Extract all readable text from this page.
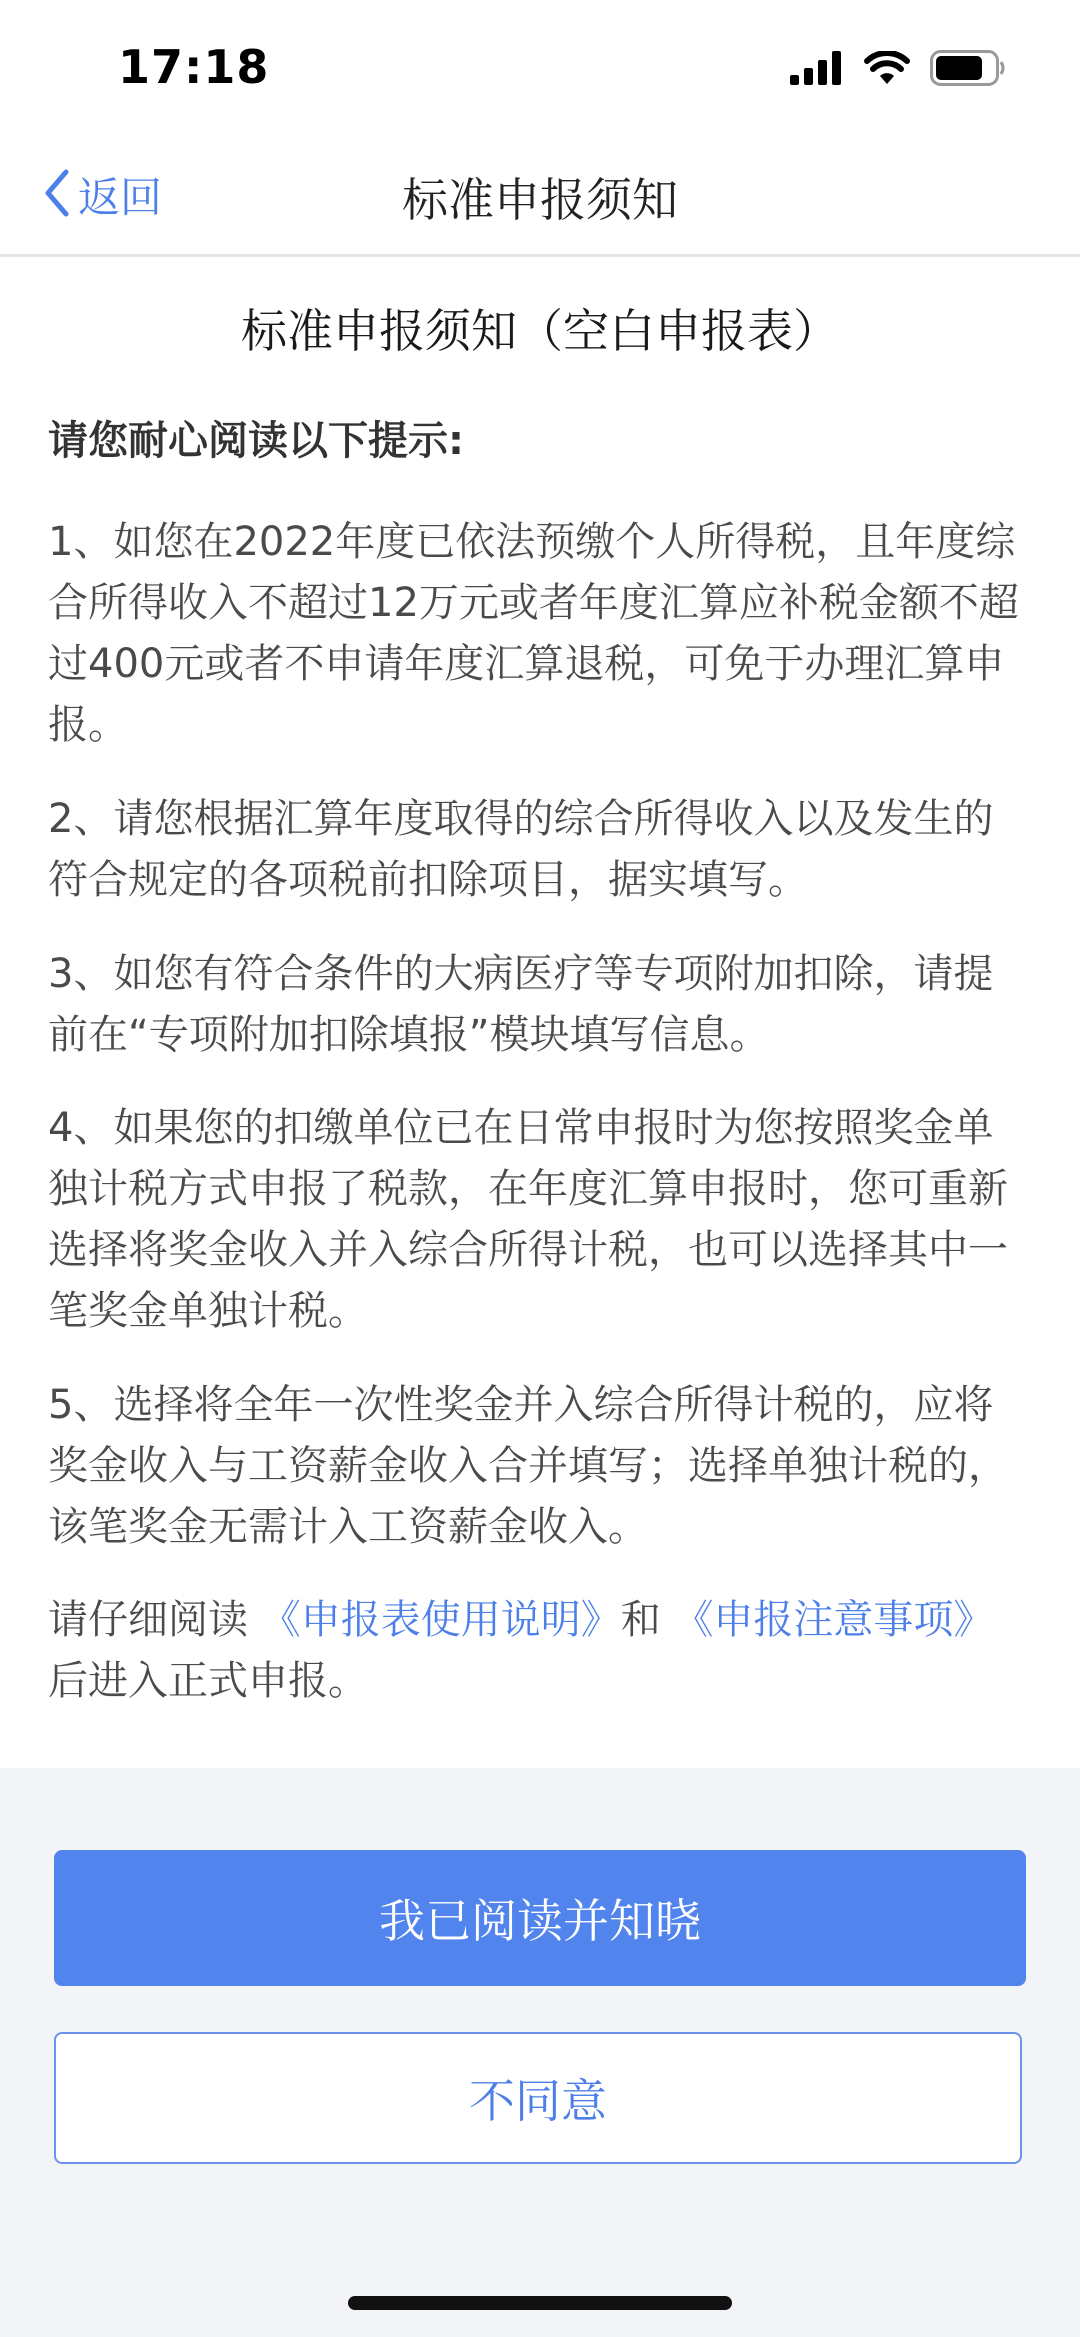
17:18
返回	标准申报须知
标准申报须知（空白申报表）
请您耐心阅读以下提示:

1、如您在2022年度已依法预缴个人所得税，且年度综合所得收入不超过12万元或者年度汇算应补税金额不超过400元或者不申请年度汇算退税，可免于办理汇算申报。

2、请您根据汇算年度取得的综合所得收入以及发生的符合规定的各项税前扣除项目，据实填写。

3、如您有符合条件的大病医疗等专项附加扣除，请提前在“专项附加扣除填报”模块填写信息。

4、如果您的扣缴单位已在日常申报时为您按照奖金单独计税方式申报了税款，在年度汇算申报时，您可重新选择将奖金收入并入综合所得计税，也可以选择其中一笔奖金单独计税。

5、选择将全年一次性奖金并入综合所得计税的，应将奖金收入与工资薪金收入合并填写；选择单独计税的，该笔奖金无需计入工资薪金收入。

请仔细阅读 《申报表使用说明》和 《申报注意事项》 后进入正式申报。

我已阅读并知晓
不同意
